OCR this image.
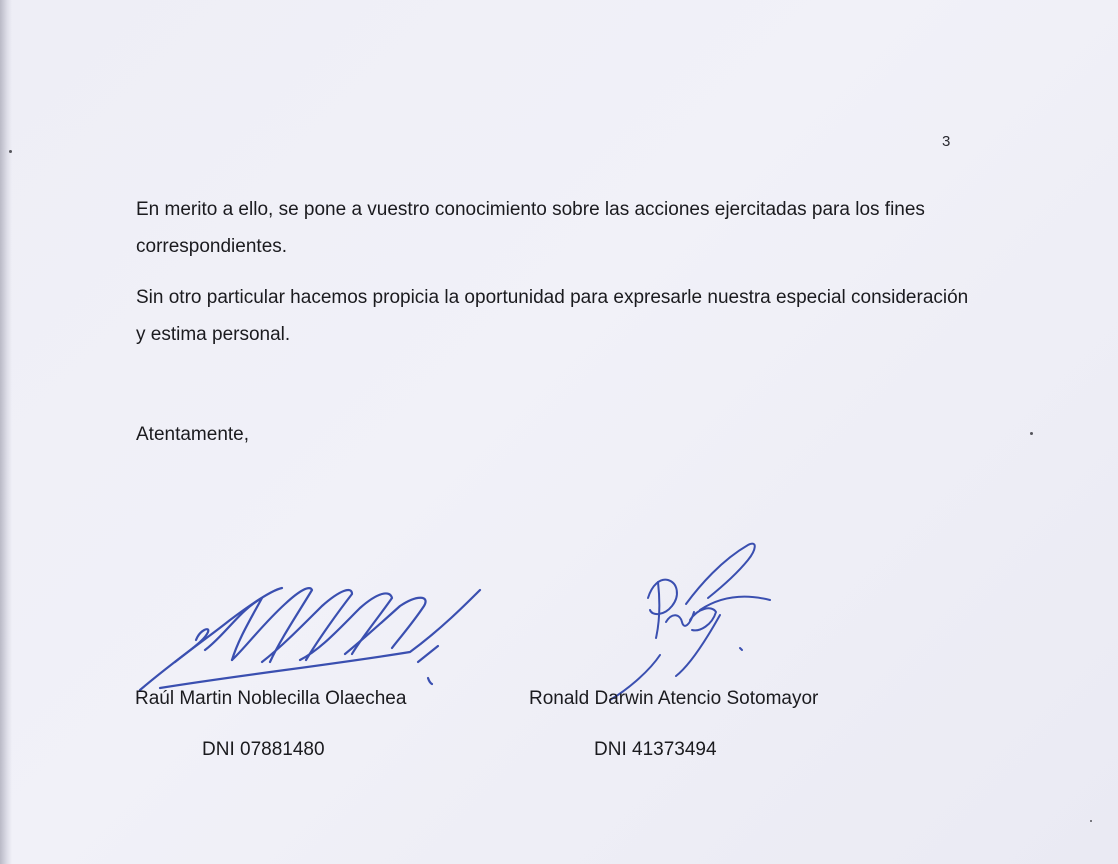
3

En merito a ello, se pone a vuestro conocimiento sobre las acciones ejercitadas para los fines correspondientes.

Sin otro particular hacemos propicia la oportunidad para expresarle nuestra especial consideración y estima personal.

Atentamente,

Raúl Martin Noblecilla Olaechea
DNI 07881480
Ronald Darwin Atencio Sotomayor
DNI 41373494
